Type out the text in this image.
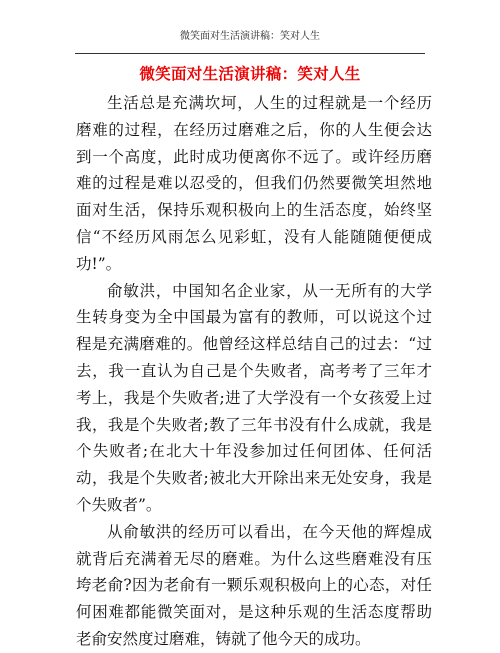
微笑面对生活演讲稿：笑对人生
微笑面对生活演讲稿：笑对人生

生活总是充满坎坷，人生的过程就是一个经历磨难的过程，在经历过磨难之后，你的人生便会达到一个高度，此时成功便离你不远了。或许经历磨难的过程是难以忍受的，但我们仍然要微笑坦然地面对生活，保持乐观积极向上的生活态度，始终坚信“不经历风雨怎么见彩虹，没有人能随随便便成功!”。

俞敏洪，中国知名企业家，从一无所有的大学生转身变为全中国最为富有的教师，可以说这个过程是充满磨难的。他曾经这样总结自己的过去：“过去，我一直认为自己是个失败者，高考考了三年才考上，我是个失败者;进了大学没有一个女孩爱上过我，我是个失败者;教了三年书没有什么成就，我是个失败者;在北大十年没参加过任何团体、任何活动，我是个失败者;被北大开除出来无处安身，我是个失败者”。

从俞敏洪的经历可以看出，在今天他的辉煌成就背后充满着无尽的磨难。为什么这些磨难没有压垮老俞?因为老俞有一颗乐观积极向上的心态，对任何困难都能微笑面对，是这种乐观的生活态度帮助老俞安然度过磨难，铸就了他今天的成功。
